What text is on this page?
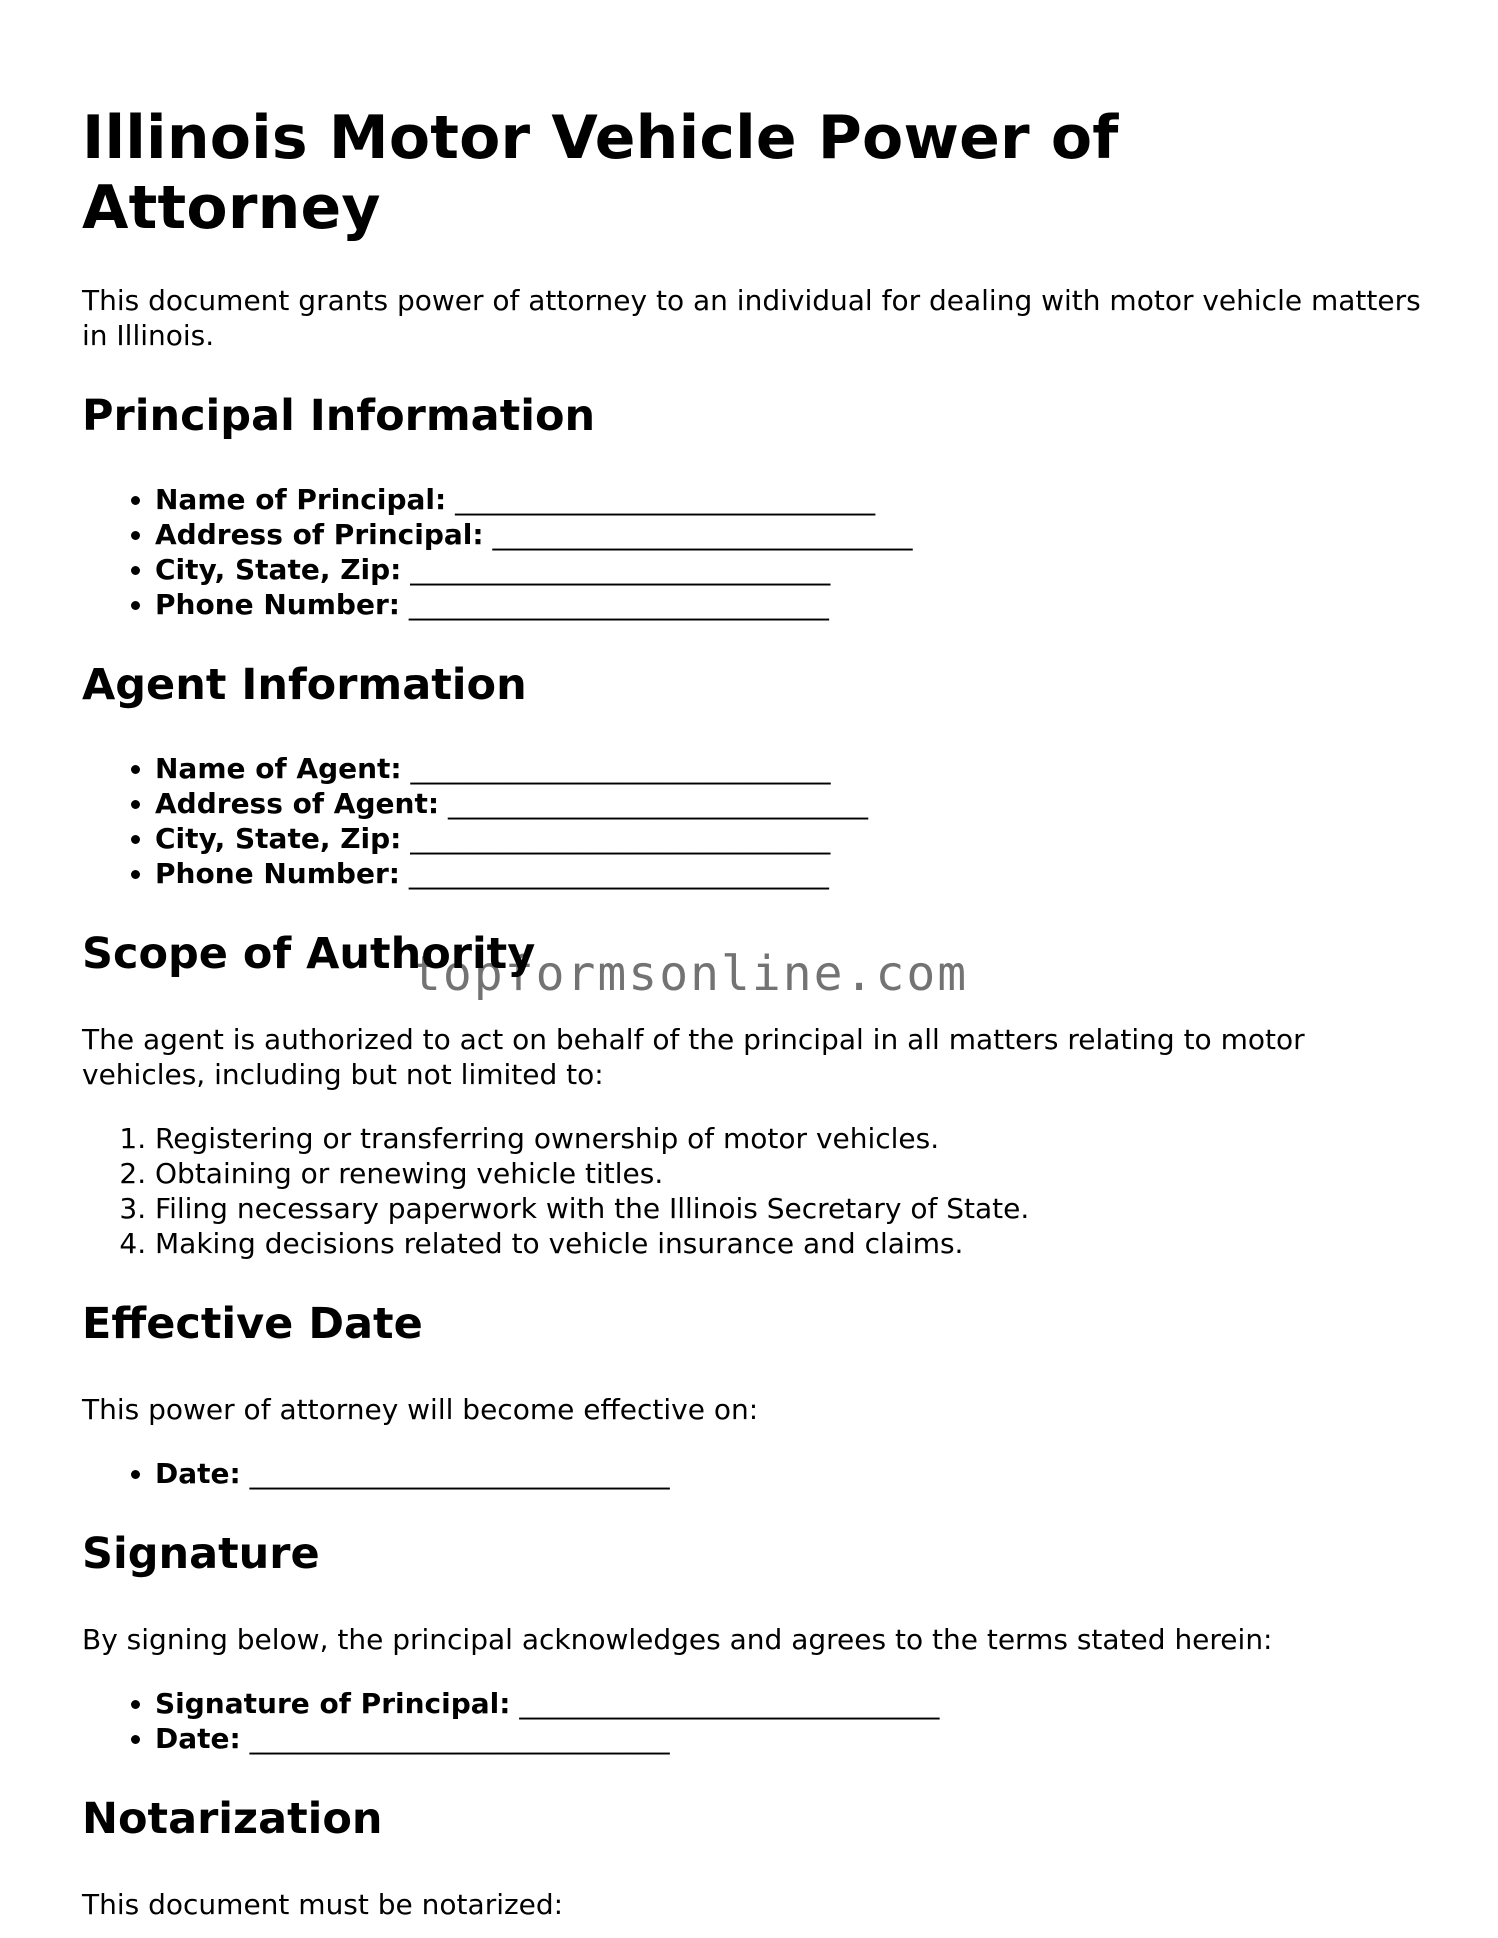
Illinois Motor Vehicle Power of Attorney

This document grants power of attorney to an individual for dealing with motor vehicle matters in Illinois.

Principal Information
• Name of Principal: ______________________________
• Address of Principal: ______________________________
• City, State, Zip: ______________________________
• Phone Number: ______________________________
Agent Information
• Name of Agent: ______________________________
• Address of Agent: ______________________________
• City, State, Zip: ______________________________
• Phone Number: ______________________________
Scope of Authority

The agent is authorized to act on behalf of the principal in all matters relating to motor vehicles, including but not limited to:

1. Registering or transferring ownership of motor vehicles.
2. Obtaining or renewing vehicle titles.
3. Filing necessary paperwork with the Illinois Secretary of State.
4. Making decisions related to vehicle insurance and claims.
Effective Date

This power of attorney will become effective on:

• Date: ______________________________
Signature

By signing below, the principal acknowledges and agrees to the terms stated herein:

• Signature of Principal: ______________________________
• Date: ______________________________
Notarization

This document must be notarized:

topformsonline.com
